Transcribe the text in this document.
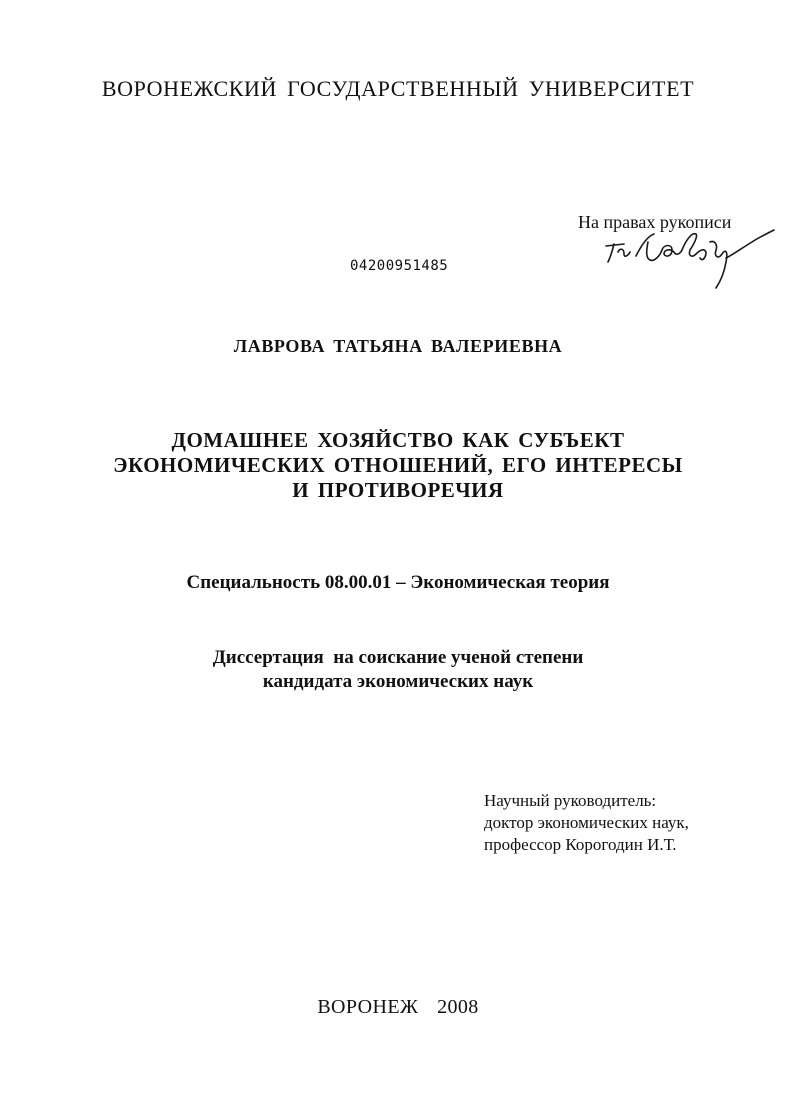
ВОРОНЕЖСКИЙ ГОСУДАРСТВЕННЫЙ УНИВЕРСИТЕТ
На правах рукописи
04200951485
ЛАВРОВА ТАТЬЯНА ВАЛЕРИЕВНА
ДОМАШНЕЕ ХОЗЯЙСТВО КАК СУБЪЕКТ
ЭКОНОМИЧЕСКИХ ОТНОШЕНИЙ, ЕГО ИНТЕРЕСЫ
И ПРОТИВОРЕЧИЯ
Специальность 08.00.01 – Экономическая теория
Диссертация  на соискание ученой степени
кандидата экономических наук
Научный руководитель:
доктор экономических наук,
профессор Корогодин И.Т.
ВОРОНЕЖ  2008
